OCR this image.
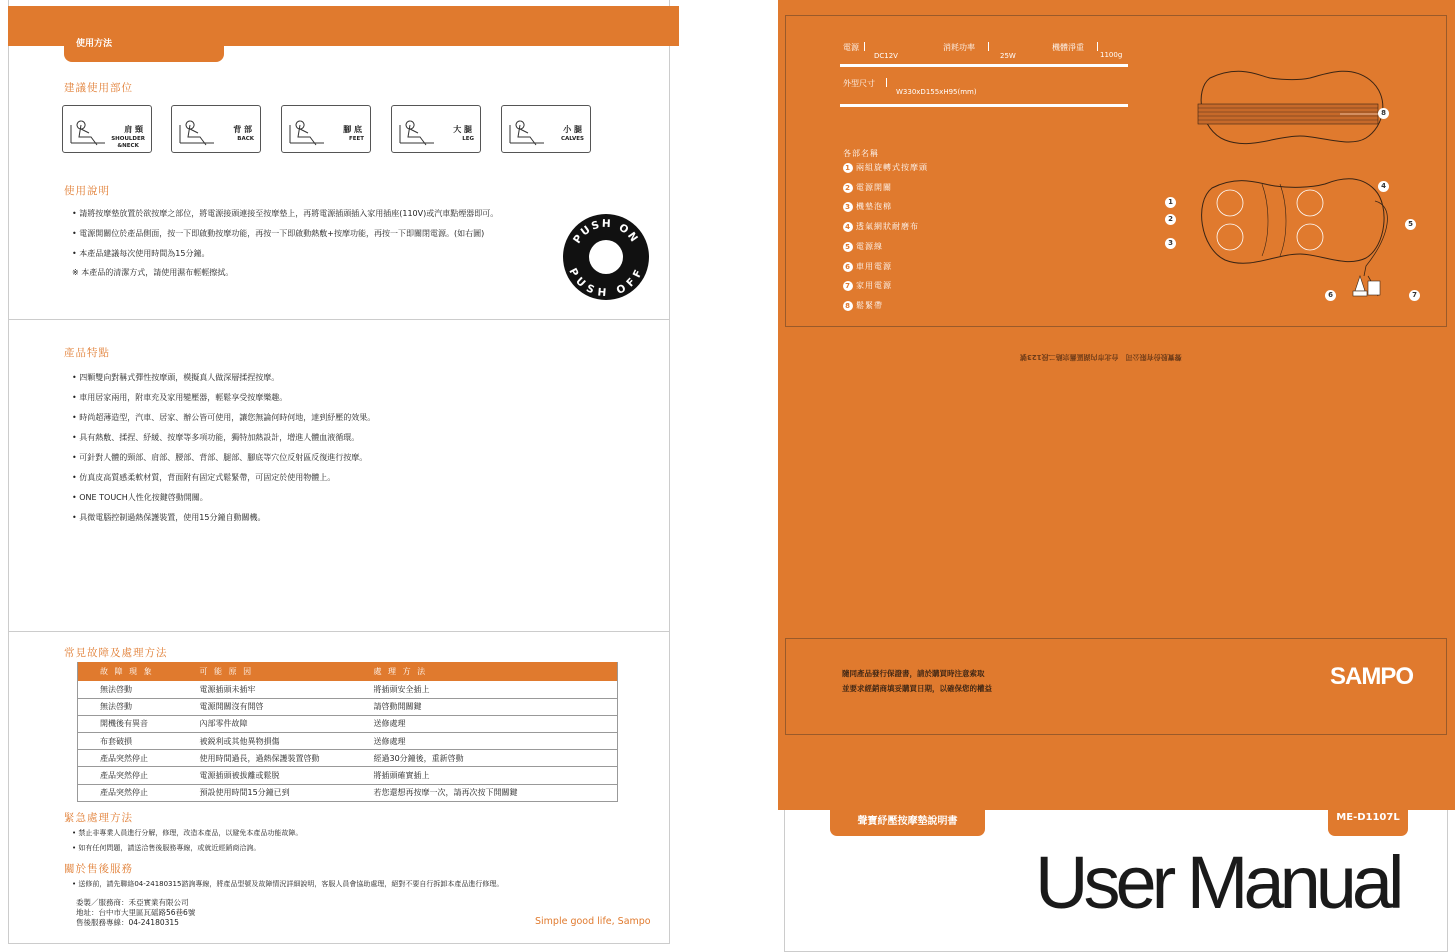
使用方法
建議使用部位
肩 頸
SHOULDER
&NECK
背 部
BACK
腳 底
FEET
大 腿
LEG
小 腿
CALVES
使用說明
• 請將按摩墊放置於欲按摩之部位，將電源接頭連接至按摩墊上，再將電源插頭插入家用插座(110V)或汽車點煙器即可。
• 電源開關位於產品側面，按一下即啟動按摩功能，再按一下即啟動熱敷+按摩功能，再按一下即關閉電源。(如右圖)
• 本產品建議每次使用時間為15分鐘。
※ 本產品的清潔方式，請使用濕布輕輕擦拭。
PUSH ON
PUSH OFF
產品特點
• 四顆雙向對稱式彈性按摩頭，模擬真人做深層揉捏按摩。
• 車用居家兩用，附車充及家用變壓器，輕鬆享受按摩樂趣。
• 時尚超薄造型，汽車、居家、辦公皆可使用，讓您無論何時何地，達到紓壓的效果。
• 具有熱敷、揉捏、紓緩、按摩等多項功能，獨特加熱設計，增進人體血液循環。
• 可針對人體的頸部、肩部、腰部、背部、腿部、腳底等穴位反射區反復進行按摩。
• 仿真皮高質感柔軟材質，背面附有固定式鬆緊帶，可固定於使用物體上。
• ONE TOUCH人性化按鍵啓動開關。
• 具微電腦控制過熱保護裝置，使用15分鐘自動關機。
常見故障及處理方法
故 障 現 象	可 能 原 因	處 理 方 法
無法啓動	電源插頭未插牢	將插頭安全插上
無法啓動	電源開關沒有開啓	請啓動開關鍵
開機後有異音	內部零件故障	送修處理
布套破損	被鋭利或其他異物損傷	送修處理
產品突然停止	使用時間過長，過熱保護裝置啓動	經過30分鐘後，重新啓動
產品突然停止	電源插頭被拔離或鬆脱	將插頭確實插上
產品突然停止	預設使用時間15分鐘已到	若您還想再按摩一次，請再次按下開關鍵
緊急處理方法
• 禁止非專業人員進行分解，修理，改造本產品，以避免本產品功能故障。
• 如有任何問題，請送洽售後服務專線，或就近經銷商洽詢。
關於售後服務
• 送修前，請先聯絡04-24180315諮詢專線，將產品型號及故障情況詳細說明，客服人員會協助處理，絕對不要自行拆卸本產品進行修理。
委製／服務商：禾亞實業有限公司
地址：台中市大里區瓦磘路56巷6號
售後服務專線：04-24180315	Simple good life, Sampo
電源
DC12V
消耗功率
25W
機體淨重
1100g
外型尺寸
W330xD155xH95(mm)
各部名稱
1 兩組旋轉式按摩頭
2 電源開關
3 機墊泡棉
4 透氣網狀耐磨布
5 電源線
6 車用電源
7 家用電源
8 鬆緊帶
8
4
1
2
5
3
6	7
聲寶股份有限公司　台北市內湖區舊宗路二段123號
隨同產品發行保證書，請於購買時注意索取
並要求經銷商填妥購買日期，以確保您的權益	SAMPO
聲寶紓壓按摩墊說明書	ME-D1107L
User Manual
